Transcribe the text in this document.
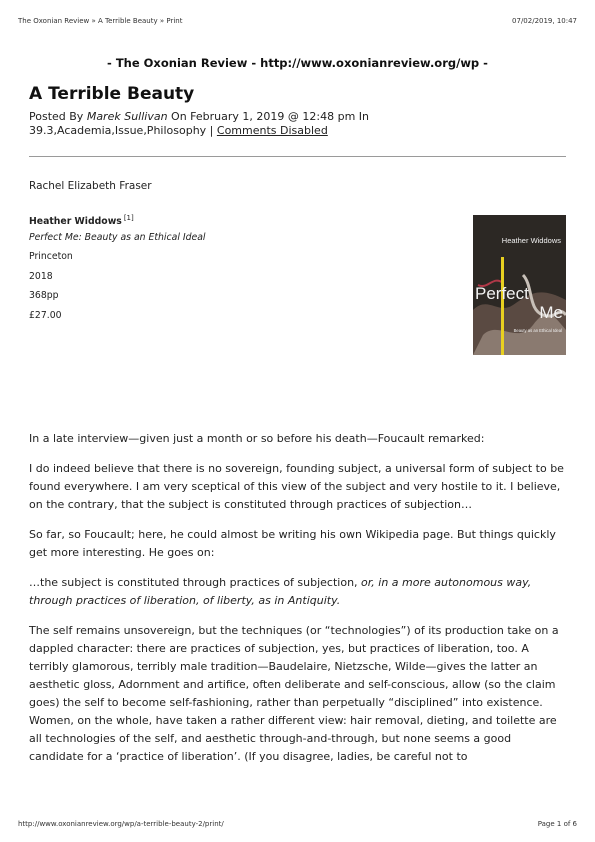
The Oxonian Review » A Terrible Beauty » Print	07/02/2019, 10:47
- The Oxonian Review - http://www.oxonianreview.org/wp -
A Terrible Beauty
Posted By Marek Sullivan On February 1, 2019 @ 12:48 pm In 39.3,Academia,Issue,Philosophy | Comments Disabled
Rachel Elizabeth Fraser
Heather Widdows [1]
Perfect Me: Beauty as an Ethical Ideal
Princeton
2018
368pp
£27.00
Heather Widdows
Perfect
Me
Beauty as an Ethical Ideal

In a late interview—given just a month or so before his death—Foucault remarked:

I do indeed believe that there is no sovereign, founding subject, a universal form of subject to be found everywhere. I am very sceptical of this view of the subject and very hostile to it. I believe, on the contrary, that the subject is constituted through practices of subjection…

So far, so Foucault; here, he could almost be writing his own Wikipedia page. But things quickly get more interesting. He goes on:

…the subject is constituted through practices of subjection, or, in a more autonomous way, through practices of liberation, of liberty, as in Antiquity.

The self remains unsovereign, but the techniques (or “technologies”) of its production take on a dappled character: there are practices of subjection, yes, but practices of liberation, too. A terribly glamorous, terribly male tradition—Baudelaire, Nietzsche, Wilde—gives the latter an aesthetic gloss, Adornment and artifice, often deliberate and self-conscious, allow (so the claim goes) the self to become self-fashioning, rather than perpetually “disciplined” into existence. Women, on the whole, have taken a rather different view: hair removal, dieting, and toilette are all technologies of the self, and aesthetic through-and-through, but none seems a good candidate for a ‘practice of liberation’. (If you disagree, ladies, be careful not to

http://www.oxonianreview.org/wp/a-terrible-beauty-2/print/	Page 1 of 6
